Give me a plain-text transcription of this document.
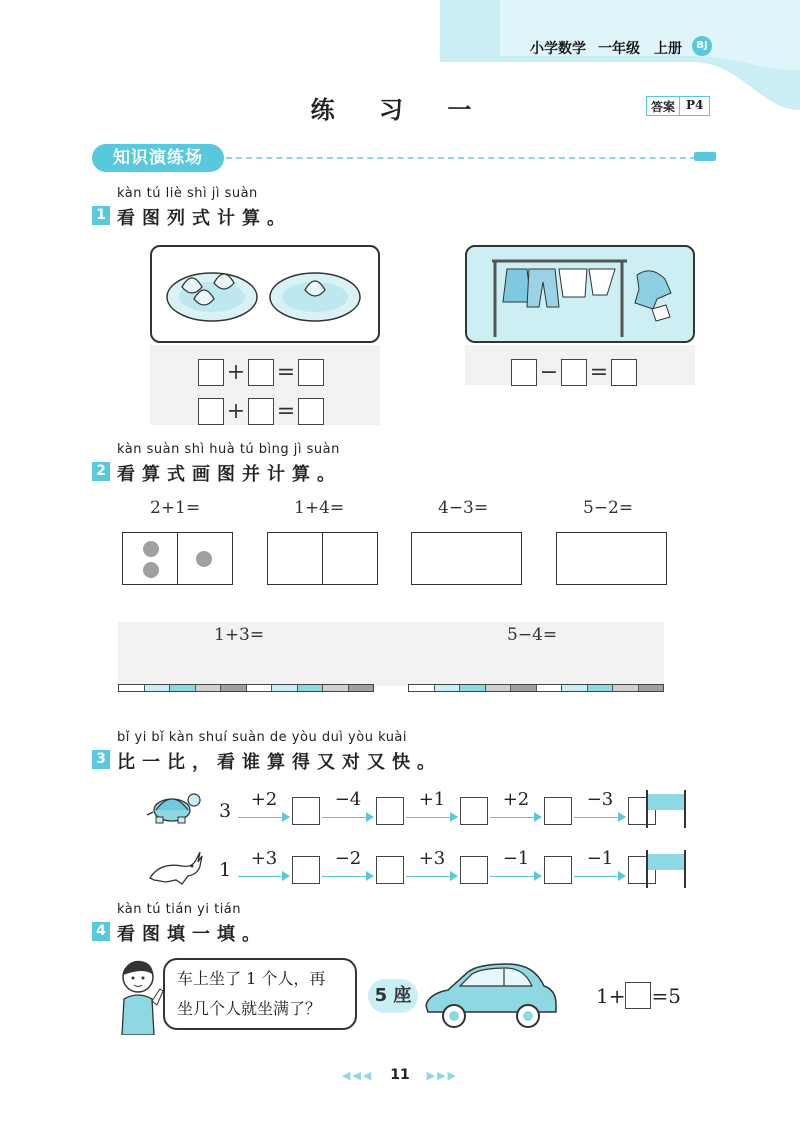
小学数学 一年级 上册	BJ
练 习 一	答案 P4
知识演练场
kàn tú liè shì jì suàn
1 看图列式计算。
+ =
+ =
− =
kàn suàn shì huà tú bìng jì suàn
2 看算式画图并计算。
2+1=	1+4=	4−3=	5−2=
1+3=	5−4=
bǐ yi bǐ kàn shuí suàn de yòu duì yòu kuài
3 比一比，看谁算得又对又快。
3
+2	−4	+1	+2	−3
1
+3	−2	+3	−1	−1
kàn tú tián yi tián
4 看图填一填。
车上坐了 1 个人，再
坐几个人就坐满了？
5 座	1+ =5
◀◀◀ 11 ▶▶▶
